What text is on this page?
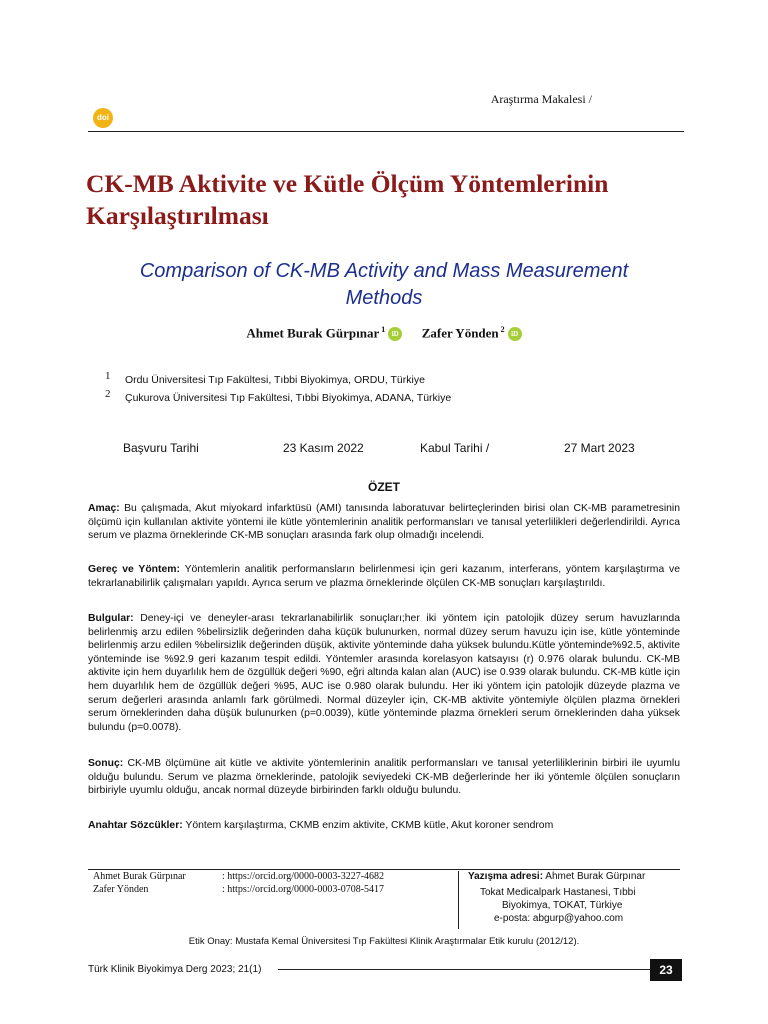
Araştırma Makalesi /
doi
CK-MB Aktivite ve Kütle Ölçüm Yöntemlerinin Karşılaştırılması
Comparison of CK-MB Activity and Mass Measurement Methods
Ahmet Burak Gürpınar $^1$iD Zafer Yönden $^2$iD
1 Ordu Üniversitesi Tıp Fakültesi, Tıbbi Biyokimya, ORDU, Türkiye
2 Çukurova Üniversitesi Tıp Fakültesi, Tıbbi Biyokimya, ADANA, Türkiye
Başvuru Tarihi	23 Kasım 2022	Kabul Tarihi /	27 Mart 2023
ÖZET
Amaç: Bu çalışmada, Akut miyokard infarktüsü (AMI) tanısında laboratuvar belirteçlerinden birisi olan CK-MB parametresinin ölçümü için kullanılan aktivite yöntemi ile kütle yöntemlerinin analitik performansları ve tanısal yeterlilikleri değerlendirildi. Ayrıca serum ve plazma örneklerinde CK-MB sonuçları arasında fark olup olmadığı incelendi.
Gereç ve Yöntem: Yöntemlerin analitik performansların belirlenmesi için geri kazanım, interferans, yöntem karşılaştırma ve tekrarlanabilirlik çalışmaları yapıldı. Ayrıca serum ve plazma örneklerinde ölçülen CK-MB sonuçları karşılaştırıldı.
Bulgular: Deney-içi ve deneyler-arası tekrarlanabilirlik sonuçları;her iki yöntem için patolojik düzey serum havuzlarında belirlenmiş arzu edilen %belirsizlik değerinden daha küçük bulunurken, normal düzey serum havuzu için ise, kütle yönteminde belirlenmiş arzu edilen %belirsizlik değerinden düşük, aktivite yönteminde daha yüksek bulundu.Kütle yönteminde%92.5, aktivite yönteminde ise %92.9 geri kazanım tespit edildi. Yöntemler arasında korelasyon katsayısı (r) 0.976 olarak bulundu. CK-MB aktivite için hem duyarlılık hem de özgüllük değeri %90, eğri altında kalan alan (AUC) ise 0.939 olarak bulundu. CK-MB kütle için hem duyarlılık hem de özgüllük değeri %95, AUC ise 0.980 olarak bulundu. Her iki yöntem için patolojik düzeyde plazma ve serum değerleri arasında anlamlı fark görülmedi. Normal düzeyler için, CK-MB aktivite yöntemiyle ölçülen plazma örnekleri serum örneklerinden daha düşük bulunurken (p=0.0039), kütle yönteminde plazma örnekleri serum örneklerinden daha yüksek bulundu (p=0.0078).
Sonuç: CK-MB ölçümüne ait kütle ve aktivite yöntemlerinin analitik performansları ve tanısal yeterliliklerinin birbiri ile uyumlu olduğu bulundu. Serum ve plazma örneklerinde, patolojik seviyedeki CK-MB değerlerinde her iki yöntemle ölçülen sonuçların birbiriyle uyumlu olduğu, ancak normal düzeyde birbirinden farklı olduğu bulundu.
Anahtar Sözcükler: Yöntem karşılaştırma, CKMB enzim aktivite, CKMB kütle, Akut koroner sendrom
Ahmet Burak Gürpınar	: https://orcid.org/0000-0003-3227-4682
Zafer Yönden	: https://orcid.org/0000-0003-0708-5417
Yazışma adresi: Ahmet Burak Gürpınar
Tokat Medicalpark Hastanesi, Tıbbi
Biyokimya, TOKAT, Türkiye
e-posta: abgurp@yahoo.com
Etik Onay: Mustafa Kemal Üniversitesi Tıp Fakültesi Klinik Araştırmalar Etik kurulu (2012/12).
Türk Klinik Biyokimya Derg 2023; 21(1)	23
